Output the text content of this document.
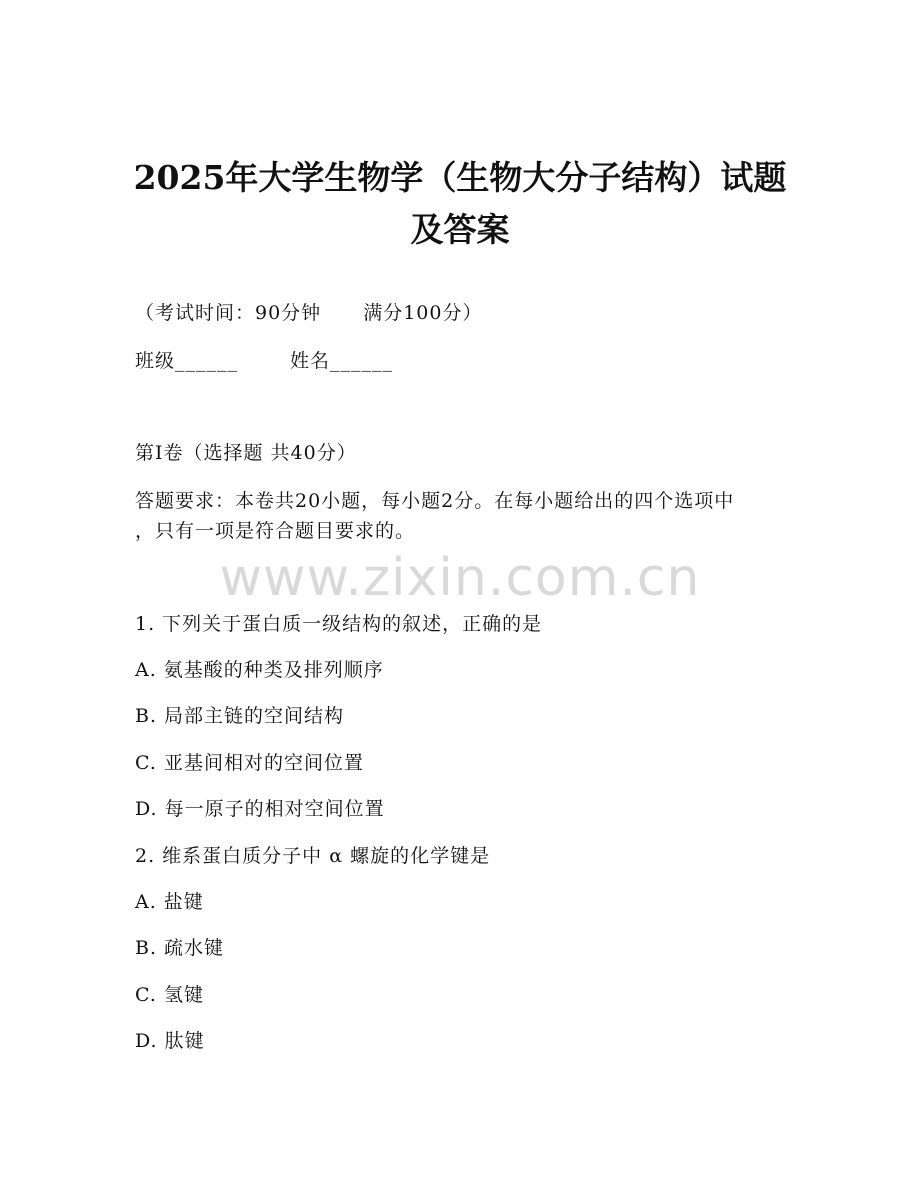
2025年大学生物学（生物大分子结构）试题
及答案
（考试时间：90分钟 满分100分）
班级______	姓名______
第I卷（选择题 共40分）
答题要求：本卷共20小题，每小题2分。在每小题给出的四个选项中
，只有一项是符合题目要求的。
www.zixin.com.cn
1. 下列关于蛋白质一级结构的叙述，正确的是
A. 氨基酸的种类及排列顺序
B. 局部主链的空间结构
C. 亚基间相对的空间位置
D. 每一原子的相对空间位置
2. 维系蛋白质分子中 α 螺旋的化学键是
A. 盐键
B. 疏水键
C. 氢键
D. 肽键
